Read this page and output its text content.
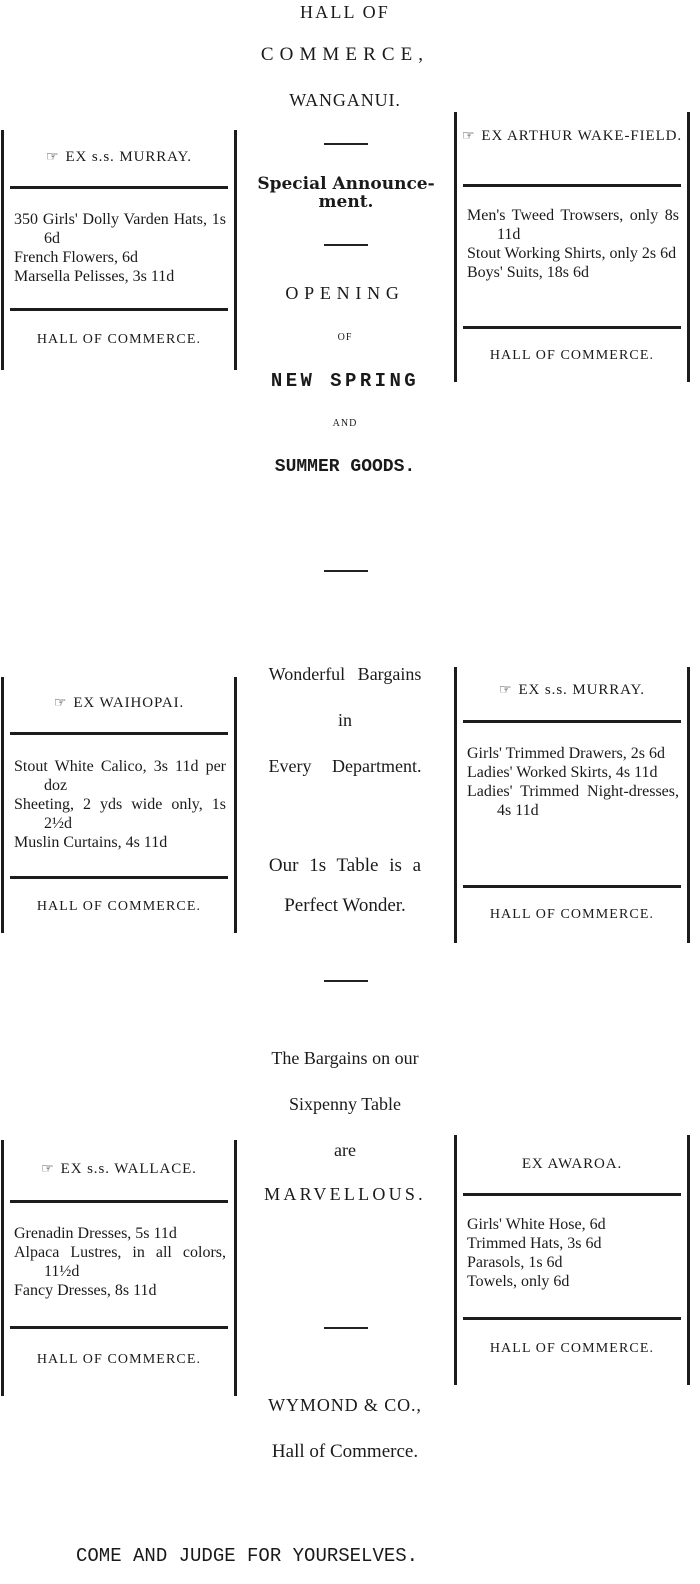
HALL OF
COMMERCE,
WANGANUI.
Special Announce-ment.
OPENING
OF
NEW SPRING
AND
SUMMER GOODS.
Wonderful Bargains
in
Every Department.
Our 1s Table is a
Perfect Wonder.
The Bargains on our
Sixpenny Table
are
MARVELLOUS.
WYMOND & CO.,
Hall of Commerce.
COME AND JUDGE FOR YOURSELVES.
☞ EX s.s. MURRAY.
350 Girls' Dolly Varden Hats, 1s 6d
French Flowers, 6d
Marsella Pelisses, 3s 11d
HALL OF COMMERCE.
☞ EX ARTHUR WAKE-FIELD.
Men's Tweed Trowsers, only 8s 11d
Stout Working Shirts, only 2s 6d
Boys' Suits, 18s 6d
HALL OF COMMERCE.
☞ EX WAIHOPAI.
Stout White Calico, 3s 11d per doz
Sheeting, 2 yds wide only, 1s 2½d
Muslin Curtains, 4s 11d
HALL OF COMMERCE.
☞ EX s.s. MURRAY.
Girls' Trimmed Drawers, 2s 6d
Ladies' Worked Skirts, 4s 11d
Ladies' Trimmed Night-dresses, 4s 11d
HALL OF COMMERCE.
☞ EX s.s. WALLACE.
Grenadin Dresses, 5s 11d
Alpaca Lustres, in all colors, 11½d
Fancy Dresses, 8s 11d
HALL OF COMMERCE.
EX AWAROA.
Girls' White Hose, 6d
Trimmed Hats, 3s 6d
Parasols, 1s 6d
Towels, only 6d
HALL OF COMMERCE.
